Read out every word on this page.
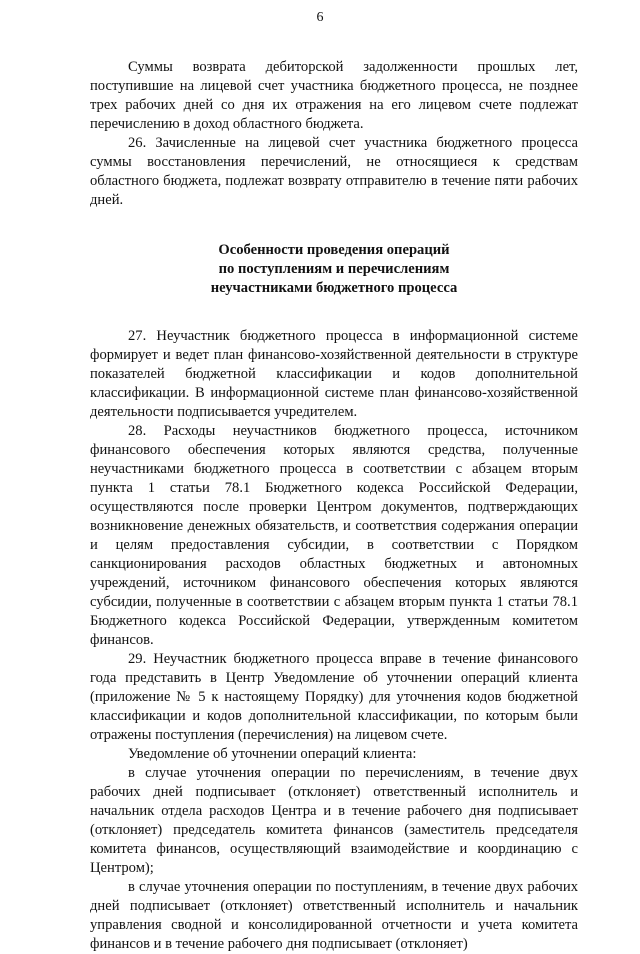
6

Суммы возврата дебиторской задолженности прошлых лет, поступившие на лицевой счет участника бюджетного процесса, не позднее трех рабочих дней со дня их отражения на его лицевом счете подлежат перечислению в доход областного бюджета.

26. Зачисленные на лицевой счет участника бюджетного процесса суммы восстановления перечислений, не относящиеся к средствам областного бюджета, подлежат возврату отправителю в течение пяти рабочих дней.

Особенности проведения операций
по поступлениям и перечислениям
неучастниками бюджетного процесса

27. Неучастник бюджетного процесса в информационной системе формирует и ведет план финансово-хозяйственной деятельности в структуре показателей бюджетной классификации и кодов дополнительной классификации. В информационной системе план финансово-хозяйственной деятельности подписывается учредителем.

28. Расходы неучастников бюджетного процесса, источником финансового обеспечения которых являются средства, полученные неучастниками бюджетного процесса в соответствии с абзацем вторым пункта 1 статьи 78.1 Бюджетного кодекса Российской Федерации, осуществляются после проверки Центром документов, подтверждающих возникновение денежных обязательств, и соответствия содержания операции и целям предоставления субсидии, в соответствии с Порядком санкционирования расходов областных бюджетных и автономных учреждений, источником финансового обеспечения которых являются субсидии, полученные в соответствии с абзацем вторым пункта 1 статьи 78.1 Бюджетного кодекса Российской Федерации, утвержденным комитетом финансов.

29. Неучастник бюджетного процесса вправе в течение финансового года представить в Центр Уведомление об уточнении операций клиента (приложение № 5 к настоящему Порядку) для уточнения кодов бюджетной классификации и кодов дополнительной классификации, по которым были отражены поступления (перечисления) на лицевом счете.

Уведомление об уточнении операций клиента:

в случае уточнения операции по перечислениям, в течение двух рабочих дней подписывает (отклоняет) ответственный исполнитель и начальник отдела расходов Центра и в течение рабочего дня подписывает (отклоняет) председатель комитета финансов (заместитель председателя комитета финансов, осуществляющий взаимодействие и координацию с Центром);

в случае уточнения операции по поступлениям, в течение двух рабочих дней подписывает (отклоняет) ответственный исполнитель и начальник управления сводной и консолидированной отчетности и учета комитета финансов и в течение рабочего дня подписывает (отклоняет)
